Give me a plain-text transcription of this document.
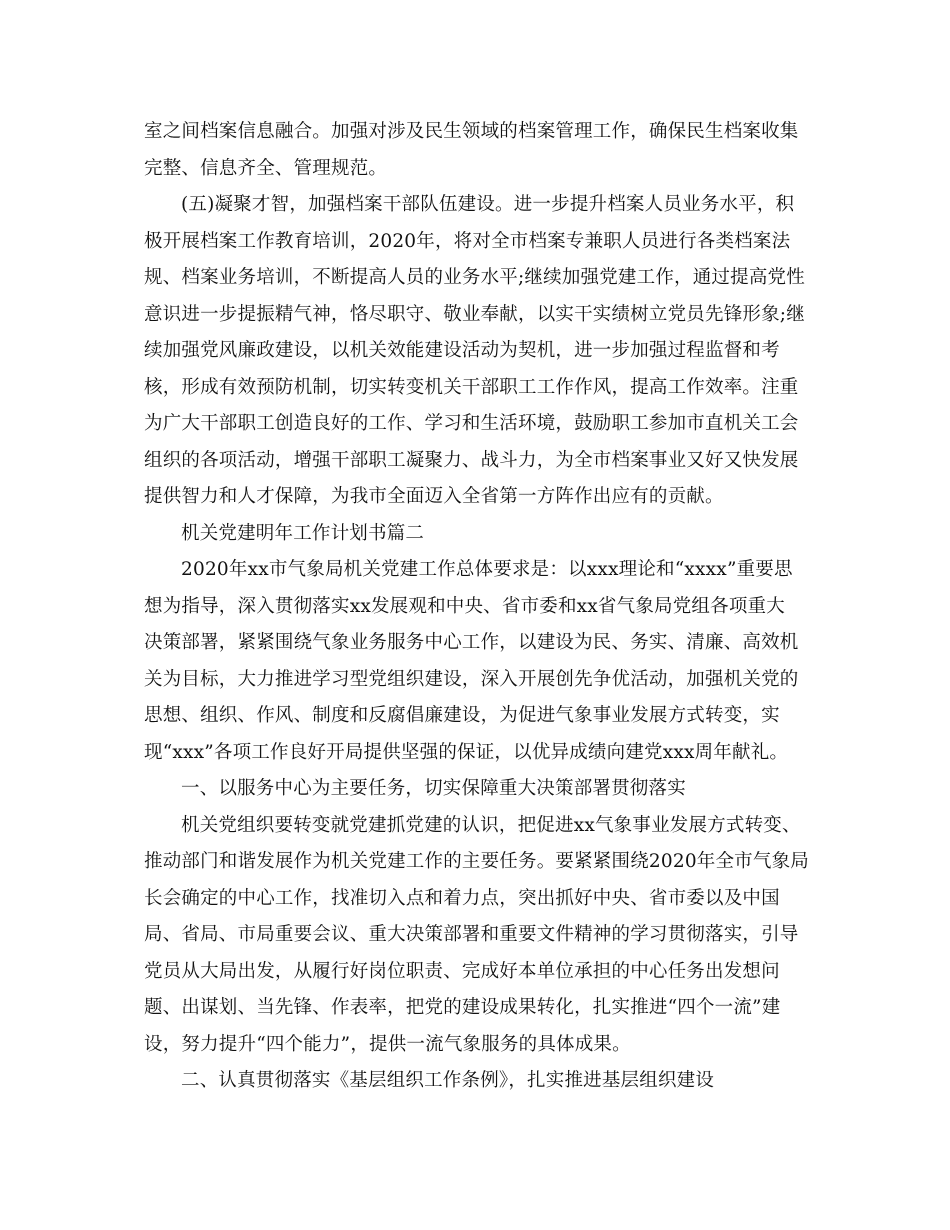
室之间档案信息融合。加强对涉及民生领域的档案管理工作，确保民生档案收集
完整、信息齐全、管理规范。
(五)凝聚才智，加强档案干部队伍建设。进一步提升档案人员业务水平，积
极开展档案工作教育培训，2020年，将对全市档案专兼职人员进行各类档案法
规、档案业务培训，不断提高人员的业务水平;继续加强党建工作，通过提高党性
意识进一步提振精气神，恪尽职守、敬业奉献，以实干实绩树立党员先锋形象;继
续加强党风廉政建设，以机关效能建设活动为契机，进一步加强过程监督和考
核，形成有效预防机制，切实转变机关干部职工工作作风，提高工作效率。注重
为广大干部职工创造良好的工作、学习和生活环境，鼓励职工参加市直机关工会
组织的各项活动，增强干部职工凝聚力、战斗力，为全市档案事业又好又快发展
提供智力和人才保障，为我市全面迈入全省第一方阵作出应有的贡献。
机关党建明年工作计划书篇二
2020年xx市气象局机关党建工作总体要求是：以xxx理论和“xxxx”重要思
想为指导，深入贯彻落实xx发展观和中央、省市委和xx省气象局党组各项重大
决策部署，紧紧围绕气象业务服务中心工作，以建设为民、务实、清廉、高效机
关为目标，大力推进学习型党组织建设，深入开展创先争优活动，加强机关党的
思想、组织、作风、制度和反腐倡廉建设，为促进气象事业发展方式转变，实
现“xxx”各项工作良好开局提供坚强的保证，以优异成绩向建党xxx周年献礼。
一、以服务中心为主要任务，切实保障重大决策部署贯彻落实
机关党组织要转变就党建抓党建的认识，把促进xx气象事业发展方式转变、
推动部门和谐发展作为机关党建工作的主要任务。要紧紧围绕2020年全市气象局
长会确定的中心工作，找准切入点和着力点，突出抓好中央、省市委以及中国
局、省局、市局重要会议、重大决策部署和重要文件精神的学习贯彻落实，引导
党员从大局出发，从履行好岗位职责、完成好本单位承担的中心任务出发想问
题、出谋划、当先锋、作表率，把党的建设成果转化，扎实推进“四个一流”建
设，努力提升“四个能力”，提供一流气象服务的具体成果。
二、认真贯彻落实《基层组织工作条例》，扎实推进基层组织建设
